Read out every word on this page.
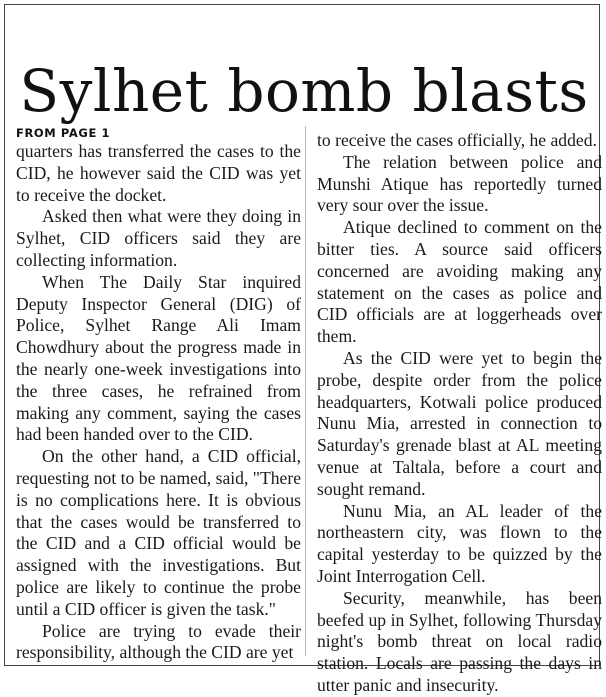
Sylhet bomb blasts
FROM PAGE 1

quarters has transferred the cases to the CID, he however said the CID was yet to receive the docket.

Asked then what were they doing in Sylhet, CID officers said they are collecting information.

When The Daily Star inquired Deputy Inspector General (DIG) of Police, Sylhet Range Ali Imam Chowdhury about the progress made in the nearly one-week investigations into the three cases, he refrained from making any comment, saying the cases had been handed over to the CID.

On the other hand, a CID official, requesting not to be named, said, "There is no complications here. It is obvious that the cases would be transferred to the CID and a CID official would be assigned with the investigations. But police are likely to continue the probe until a CID officer is given the task."

Police are trying to evade their responsibility, although the CID are yet

to receive the cases officially, he added.

The relation between police and Munshi Atique has reportedly turned very sour over the issue.

Atique declined to comment on the bitter ties. A source said officers concerned are avoiding making any statement on the cases as police and CID officials are at loggerheads over them.

As the CID were yet to begin the probe, despite order from the police headquarters, Kotwali police produced Nunu Mia, arrested in connection to Saturday's grenade blast at AL meeting venue at Taltala, before a court and sought remand.

Nunu Mia, an AL leader of the northeastern city, was flown to the capital yesterday to be quizzed by the Joint Interrogation Cell.

Security, meanwhile, has been beefed up in Sylhet, following Thursday night's bomb threat on local radio station. Locals are passing the days in utter panic and insecurity.
